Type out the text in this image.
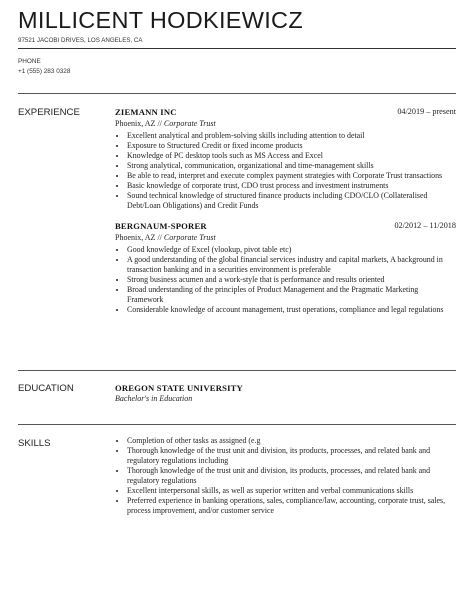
MILLICENT HODKIEWICZ
97521 JACOBI DRIVES, LOS ANGELES, CA
PHONE
+1 (555) 283 0328
EXPERIENCE	ZIEMANN INC	04/2019 – present
Phoenix, AZ // Corporate Trust
• Excellent analytical and problem-solving skills including attention to detail
• Exposure to Structured Credit or fixed income products
• Knowledge of PC desktop tools such as MS Access and Excel
• Strong analytical, communication, organizational and time-management skills
• Be able to read, interpret and execute complex payment strategies with Corporate Trust transactions
• Basic knowledge of corporate trust, CDO trust process and investment instruments
• Sound technical knowledge of structured finance products including CDO/CLO (Collateralised Debt/Loan Obligations) and Credit Funds
BERGNAUM-SPORER	02/2012 – 11/2018
Phoenix, AZ // Corporate Trust
• Good knowledge of Excel (vlookup, pivot table etc)
• A good understanding of the global financial services industry and capital markets, A background in transaction banking and in a securities environment is preferable
• Strong business acumen and a work-style that is performance and results oriented
• Broad understanding of the principles of Product Management and the Pragmatic Marketing Framework
• Considerable knowledge of account management, trust operations, compliance and legal regulations
EDUCATION	OREGON STATE UNIVERSITY
Bachelor's in Education
SKILLS
•	Completion of other tasks as assigned (e.g
• Thorough knowledge of the trust unit and division, its products, processes, and related bank and regulatory regulations including
• Thorough knowledge of the trust unit and division, its products, processes, and related bank and regulatory regulations
• Excellent interpersonal skills, as well as superior written and verbal communications skills
• Preferred experience in banking operations, sales, compliance/law, accounting, corporate trust, sales, process improvement, and/or customer service
